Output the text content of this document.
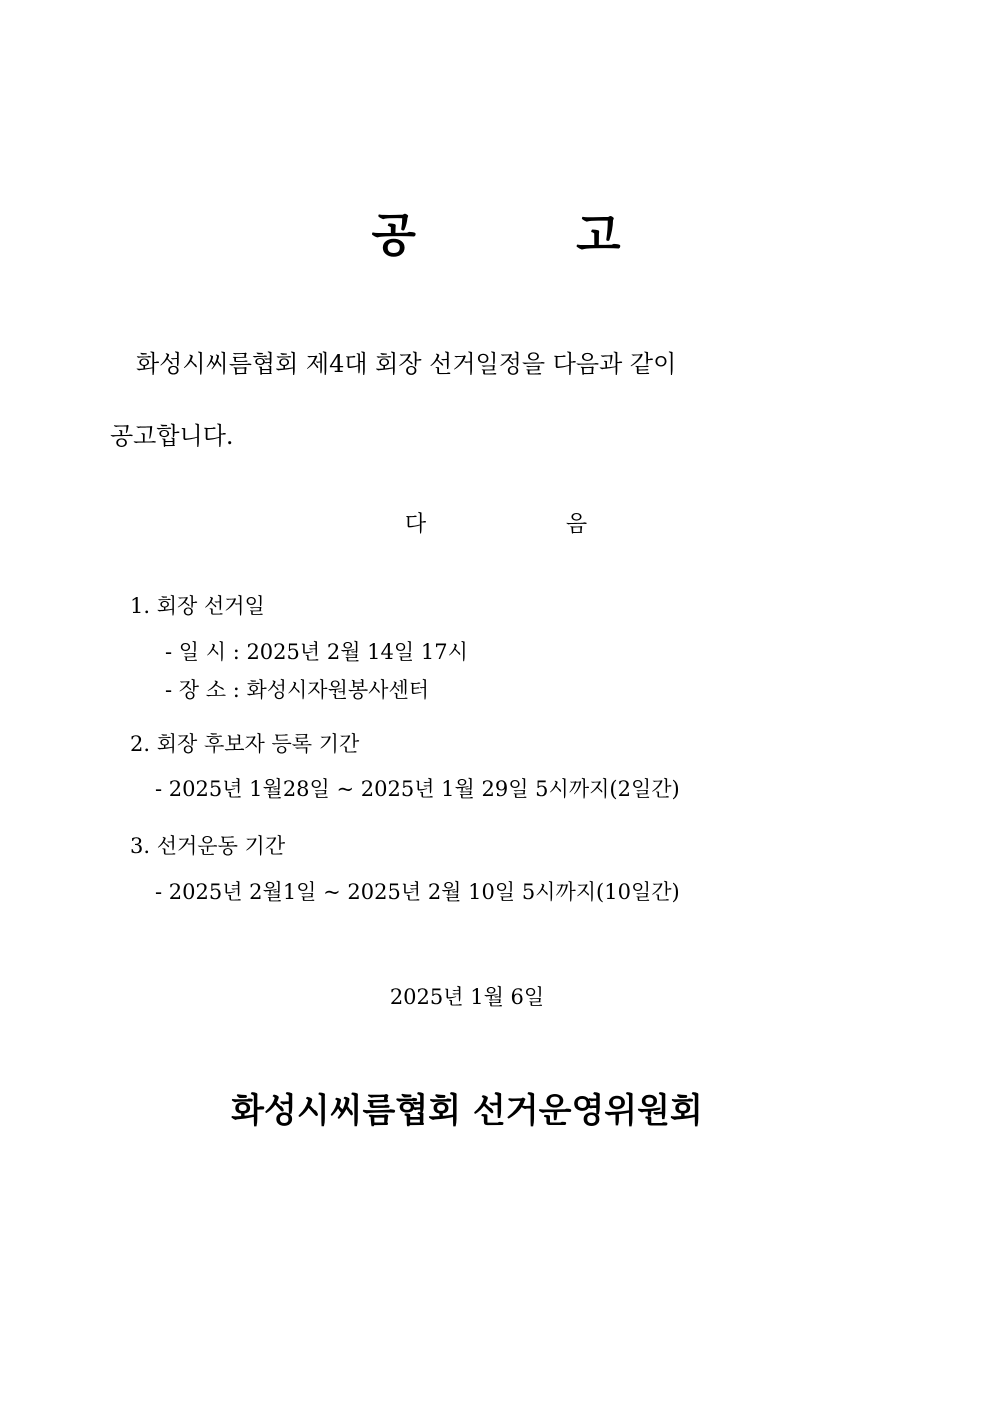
공          고
화성시씨름협회 제4대 회장 선거일정을 다음과 같이
공고합니다.
다                    음
1. 회장 선거일
- 일 시 : 2025년 2월 14일 17시
- 장 소 : 화성시자원봉사센터
2. 회장 후보자 등록 기간
- 2025년 1월28일 ~ 2025년 1월 29일 5시까지(2일간)
3. 선거운동 기간
- 2025년 2월1일 ~ 2025년 2월 10일 5시까지(10일간)
2025년 1월 6일
화성시씨름협회 선거운영위원회
